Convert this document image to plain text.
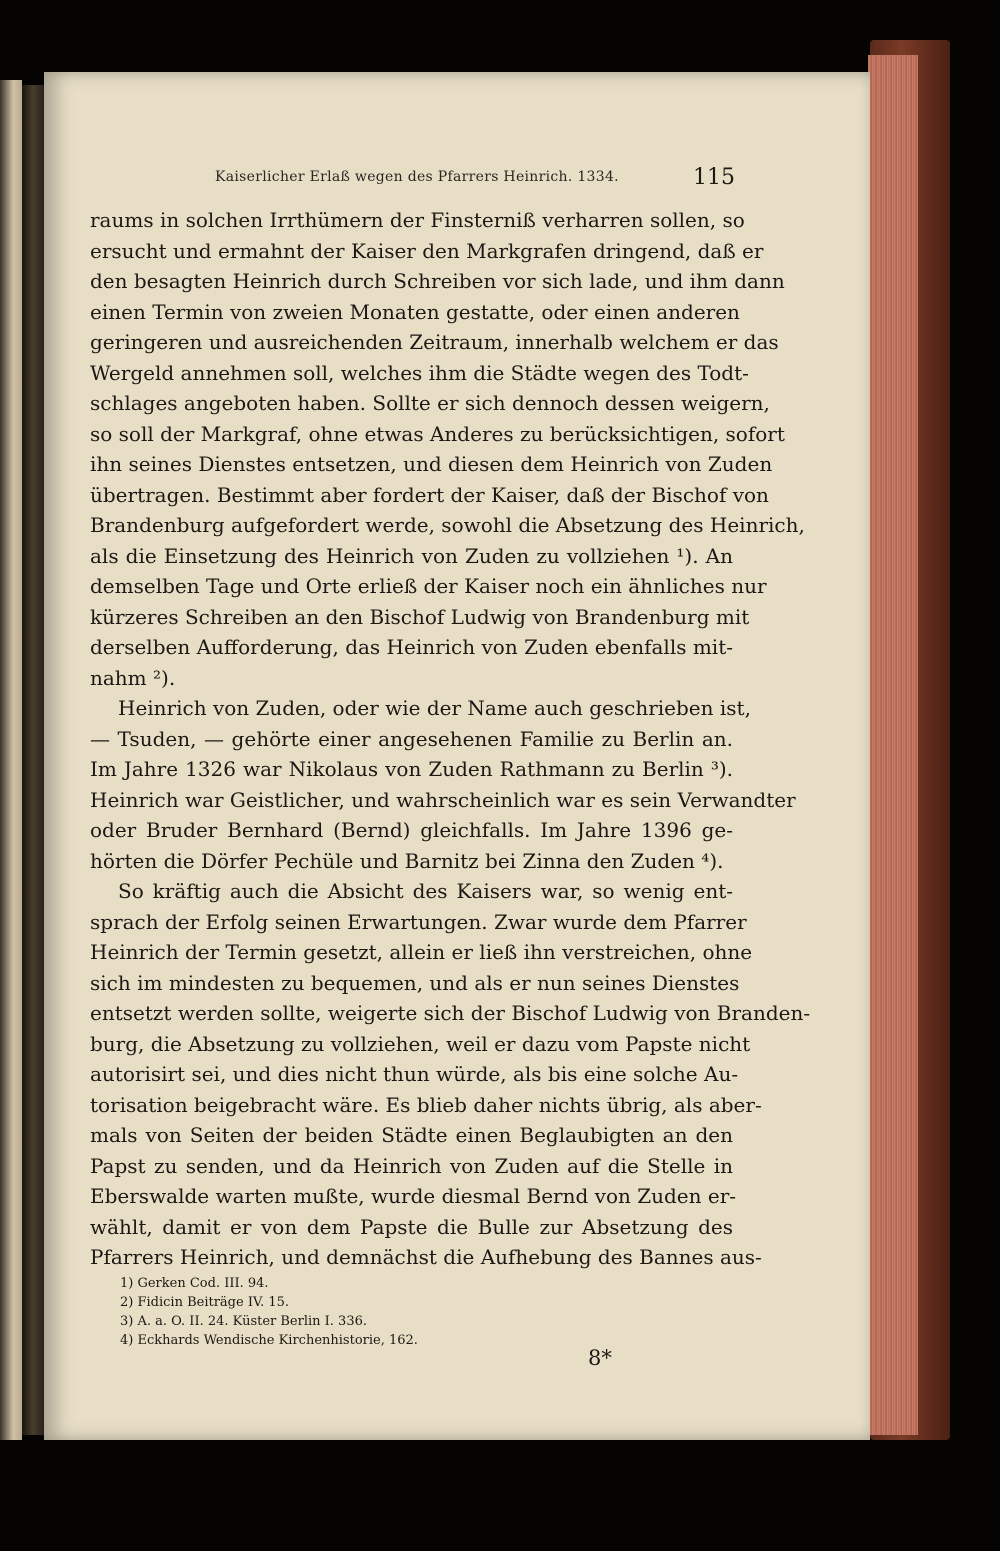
Kaiserlicher Erlaß wegen des Pfarrers Heinrich. 1334.	115
raums in solchen Irrthümern der Finsterniß verharren sollen, so
ersucht und ermahnt der Kaiser den Markgrafen dringend, daß er
den besagten Heinrich durch Schreiben vor sich lade, und ihm dann
einen Termin von zweien Monaten gestatte, oder einen anderen
geringeren und ausreichenden Zeitraum, innerhalb welchem er das
Wergeld annehmen soll, welches ihm die Städte wegen des Todt-
schlages angeboten haben. Sollte er sich dennoch dessen weigern,
so soll der Markgraf, ohne etwas Anderes zu berücksichtigen, sofort
ihn seines Dienstes entsetzen, und diesen dem Heinrich von Zuden
übertragen. Bestimmt aber fordert der Kaiser, daß der Bischof von
Brandenburg aufgefordert werde, sowohl die Absetzung des Heinrich,
als die Einsetzung des Heinrich von Zuden zu vollziehen ¹). An
demselben Tage und Orte erließ der Kaiser noch ein ähnliches nur
kürzeres Schreiben an den Bischof Ludwig von Brandenburg mit
derselben Aufforderung, das Heinrich von Zuden ebenfalls mit-
nahm ²).
Heinrich von Zuden, oder wie der Name auch geschrieben ist,
— Tsuden, — gehörte einer angesehenen Familie zu Berlin an.
Im Jahre 1326 war Nikolaus von Zuden Rathmann zu Berlin ³).
Heinrich war Geistlicher, und wahrscheinlich war es sein Verwandter
oder Bruder Bernhard (Bernd) gleichfalls. Im Jahre 1396 ge-
hörten die Dörfer Pechüle und Barnitz bei Zinna den Zuden ⁴).
So kräftig auch die Absicht des Kaisers war, so wenig ent-
sprach der Erfolg seinen Erwartungen. Zwar wurde dem Pfarrer
Heinrich der Termin gesetzt, allein er ließ ihn verstreichen, ohne
sich im mindesten zu bequemen, und als er nun seines Dienstes
entsetzt werden sollte, weigerte sich der Bischof Ludwig von Branden-
burg, die Absetzung zu vollziehen, weil er dazu vom Papste nicht
autorisirt sei, und dies nicht thun würde, als bis eine solche Au-
torisation beigebracht wäre. Es blieb daher nichts übrig, als aber-
mals von Seiten der beiden Städte einen Beglaubigten an den
Papst zu senden, und da Heinrich von Zuden auf die Stelle in
Eberswalde warten mußte, wurde diesmal Bernd von Zuden er-
wählt, damit er von dem Papste die Bulle zur Absetzung des
Pfarrers Heinrich, und demnächst die Aufhebung des Bannes aus-
1) Gerken Cod. III. 94.
2) Fidicin Beiträge IV. 15.
3) A. a. O. II. 24. Küster Berlin I. 336.
4) Eckhards Wendische Kirchenhistorie, 162.
8*
